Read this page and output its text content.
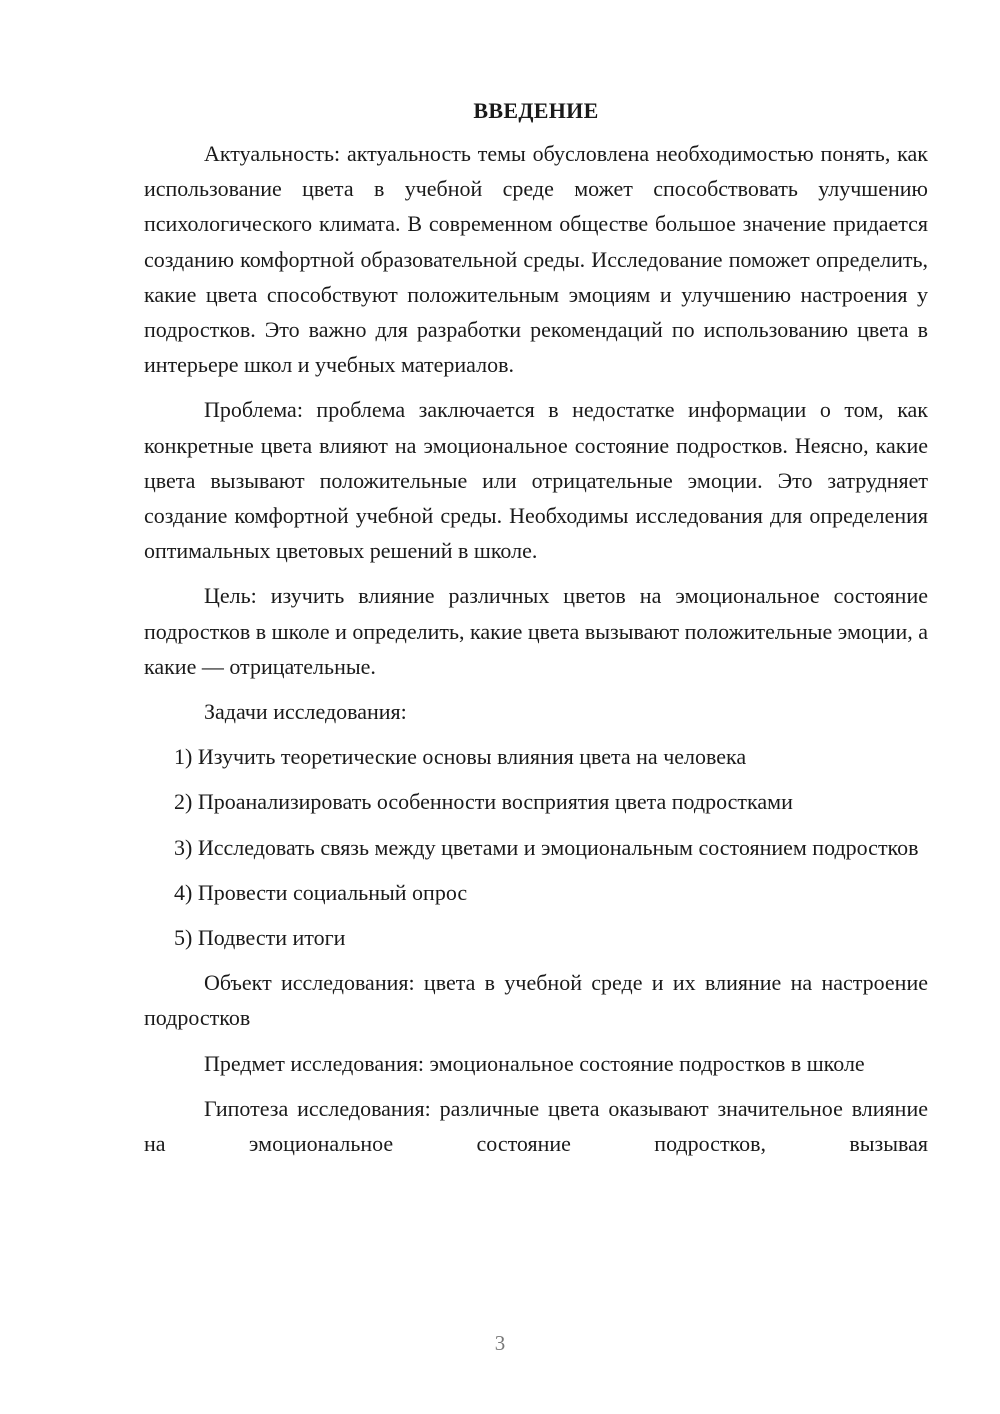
ВВЕДЕНИЕ

Актуальность: актуальность темы обусловлена необходимостью понять, как использование цвета в учебной среде может способствовать улучшению психологического климата. В современном обществе большое значение придается созданию комфортной образовательной среды. Исследование поможет определить, какие цвета способствуют положительным эмоциям и улучшению настроения у подростков. Это важно для разработки рекомендаций по использованию цвета в интерьере школ и учебных материалов.

Проблема: проблема заключается в недостатке информации о том, как конкретные цвета влияют на эмоциональное состояние подростков. Неясно, какие цвета вызывают положительные или отрицательные эмоции. Это затрудняет создание комфортной учебной среды. Необходимы исследования для определения оптимальных цветовых решений в школе.

Цель: изучить влияние различных цветов на эмоциональное состояние подростков в школе и определить, какие цвета вызывают положительные эмоции, а какие — отрицательные.

Задачи исследования:

1) Изучить теоретические основы влияния цвета на человека

2) Проанализировать особенности восприятия цвета подростками

3) Исследовать связь между цветами и эмоциональным состоянием подростков

4) Провести социальный опрос

5) Подвести итоги

Объект исследования: цвета в учебной среде и их влияние на настроение подростков

Предмет исследования: эмоциональное состояние подростков в школе

Гипотеза исследования: различные цвета оказывают значительное влияние на эмоциональное состояние подростков, вызывая

3
